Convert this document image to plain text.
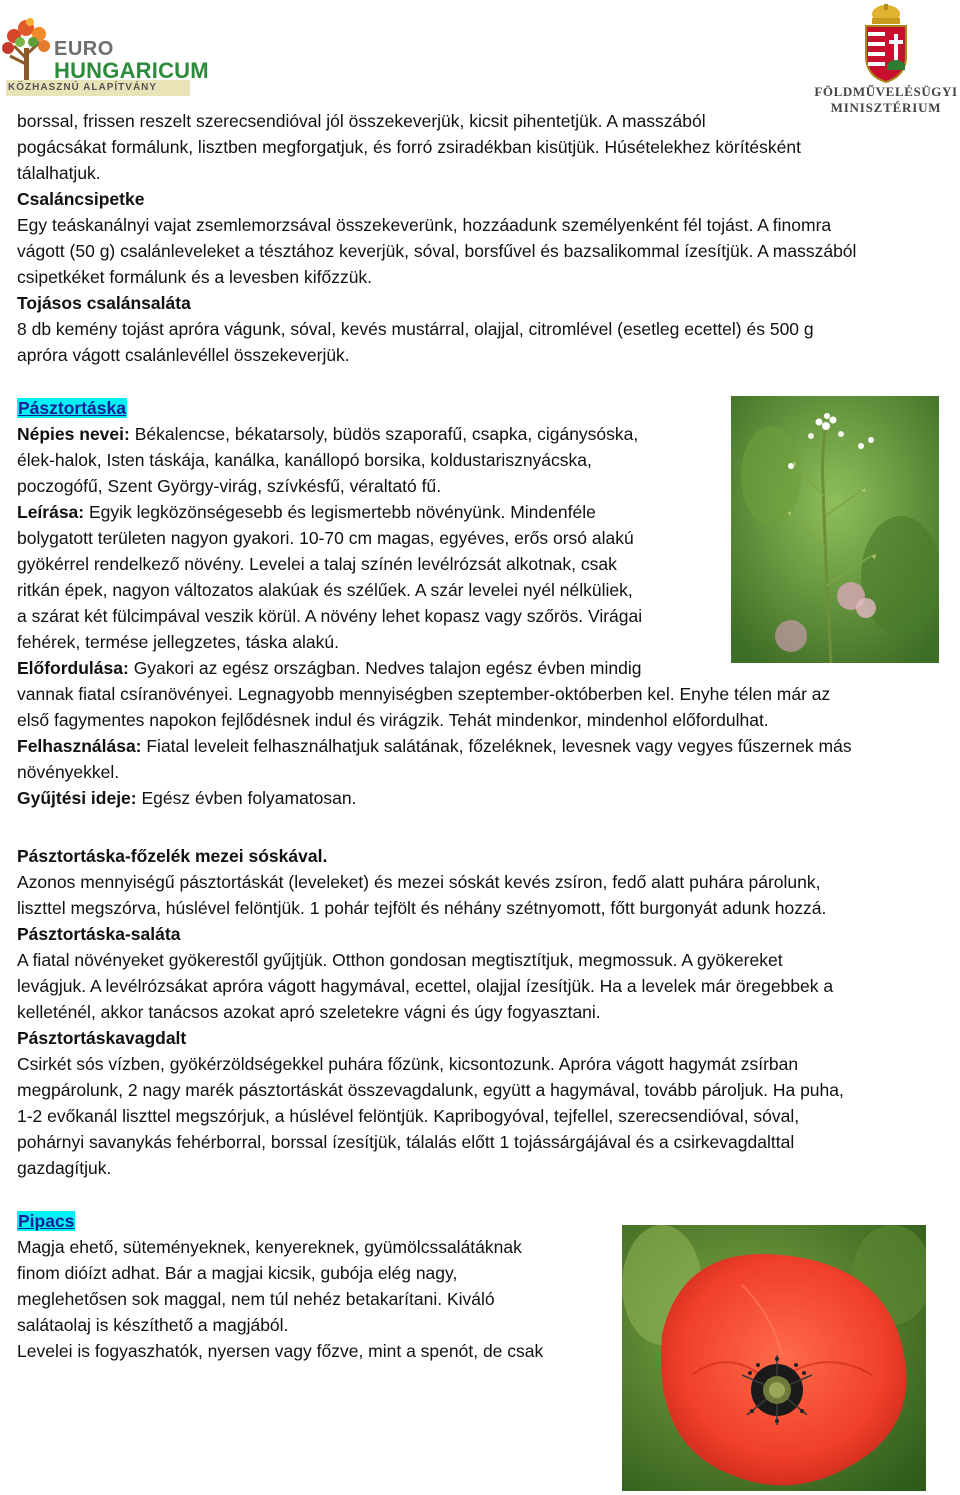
EURO
HUNGARICUM
KÖZHASZNÚ ALAPÍTVÁNY	FÖLDMŰVELÉSÜGYI
MINISZTÉRIUM
borssal, frissen reszelt szerecsendióval jól összekeverjük, kicsit pihentetjük. A masszából
pogácsákat formálunk, lisztben megforgatjuk, és forró zsiradékban kisütjük. Húsételekhez körítésként
tálalhatjuk.
Csaláncsipetke
Egy teáskanálnyi vajat zsemlemorzsával összekeverünk, hozzáadunk személyenként fél tojást. A finomra
vágott (50 g) csalánleveleket a tésztához keverjük, sóval, borsfűvel és bazsalikommal ízesítjük. A masszából
csipetkéket formálunk és a levesben kifőzzük.
Tojásos csalánsaláta
8 db kemény tojást apróra vágunk, sóval, kevés mustárral, olajjal, citromlével (esetleg ecettel) és 500 g
apróra vágott csalánlevéllel összekeverjük.
Pásztortáska
Népies nevei: Békalencse, békatarsoly, büdös szaporafű, csapka, cigánysóska,
élek-halok, Isten táskája, kanálka, kanállopó borsika, koldustarisznyácska,
poczogófű, Szent György-virág, szívkésfű, véraltató fű.
Leírása: Egyik legközönségesebb és legismertebb növényünk. Mindenféle
bolygatott területen nagyon gyakori. 10-70 cm magas, egyéves, erős orsó alakú
gyökérrel rendelkező növény. Levelei a talaj színén levélrózsát alkotnak, csak
ritkán épek, nagyon változatos alakúak és szélűek. A szár levelei nyél nélküliek,
a szárat két fülcimpával veszik körül. A növény lehet kopasz vagy szőrös. Virágai
fehérek, termése jellegzetes, táska alakú.
Előfordulása: Gyakori az egész országban. Nedves talajon egész évben mindig
vannak fiatal csíranövényei. Legnagyobb mennyiségben szeptember-októberben kel. Enyhe télen már az
első fagymentes napokon fejlődésnek indul és virágzik. Tehát mindenkor, mindenhol előfordulhat.
Felhasználása: Fiatal leveleit felhasználhatjuk salátának, főzeléknek, levesnek vagy vegyes fűszernek más
növényekkel.
Gyűjtési ideje: Egész évben folyamatosan.
Pásztortáska-főzelék mezei sóskával.
Azonos mennyiségű pásztortáskát (leveleket) és mezei sóskát kevés zsíron, fedő alatt puhára párolunk,
liszttel megszórva, húslével felöntjük. 1 pohár tejfölt és néhány szétnyomott, főtt burgonyát adunk hozzá.
Pásztortáska-saláta
A fiatal növényeket gyökerestől gyűjtjük. Otthon gondosan megtisztítjuk, megmossuk. A gyökereket
levágjuk. A levélrózsákat apróra vágott hagymával, ecettel, olajjal ízesítjük. Ha a levelek már öregebbek a
kelleténél, akkor tanácsos azokat apró szeletekre vágni és úgy fogyasztani.
Pásztortáskavagdalt
Csirkét sós vízben, gyökérzöldségekkel puhára főzünk, kicsontozunk. Apróra vágott hagymát zsírban
megpárolunk, 2 nagy marék pásztortáskát összevagdalunk, együtt a hagymával, tovább pároljuk. Ha puha,
1-2 evőkanál liszttel megszórjuk, a húslével felöntjük. Kapribogyóval, tejfellel, szerecsendióval, sóval,
pohárnyi savanykás fehérborral, borssal ízesítjük, tálalás előtt 1 tojássárgájával és a csirkevagdalttal
gazdagítjuk.
Pipacs
Magja ehető, süteményeknek, kenyereknek, gyümölcssalátáknak
finom dióízt adhat. Bár a magjai kicsik, gubója elég nagy,
meglehetősen sok maggal, nem túl nehéz betakarítani. Kiváló
salátaolaj is készíthető a magjából.
Levelei is fogyaszhatók, nyersen vagy főzve, mint a spenót, de csak
